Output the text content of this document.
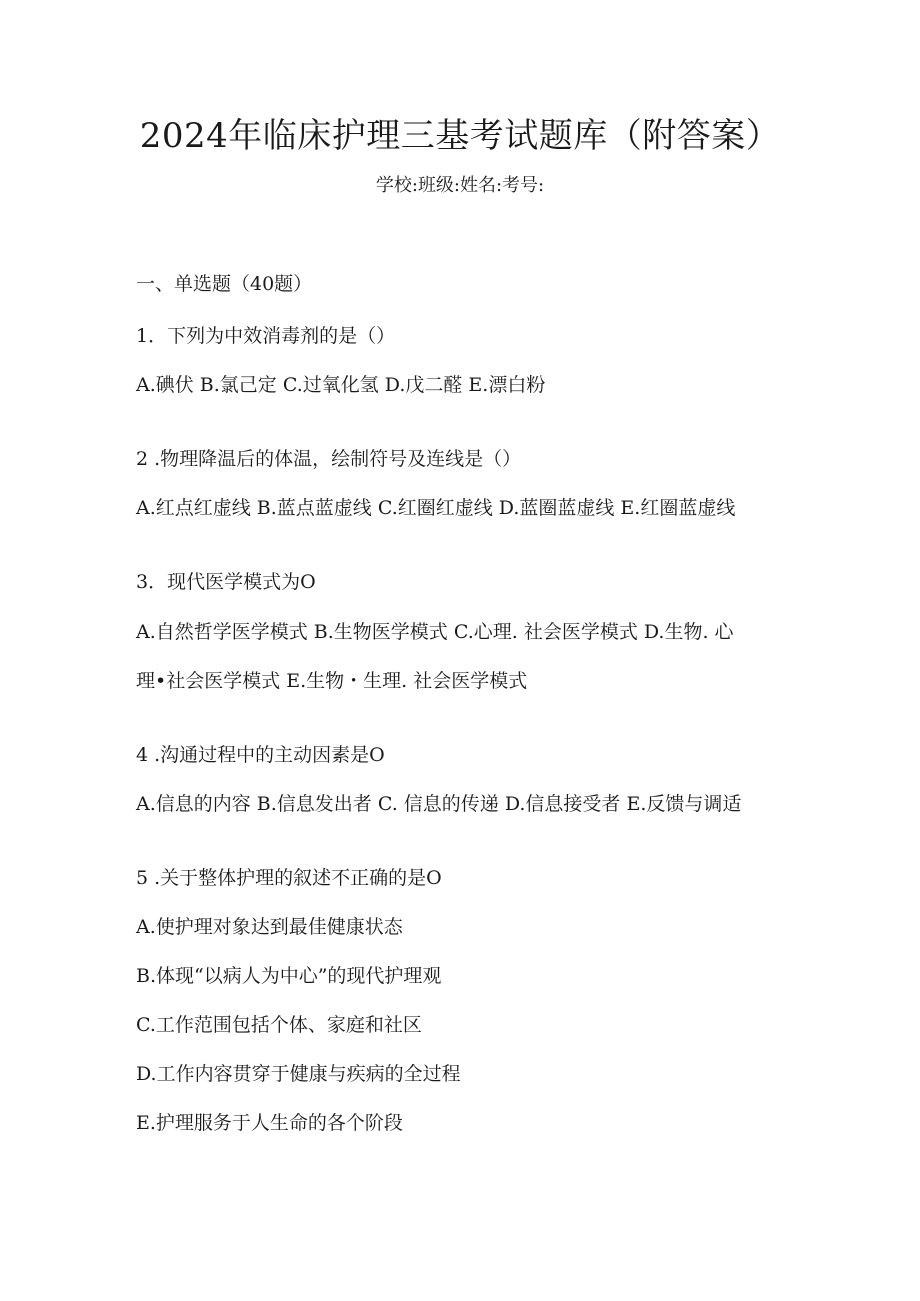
2024年临床护理三基考试题库（附答案）
学校:班级:姓名:考号:
一、单选题（40题）
1．下列为中效消毒剂的是（）
A.碘伏 B.氯己定 C.过氧化氢 D.戊二醛 E.漂白粉
2 .物理降温后的体温，绘制符号及连线是（）
A.红点红虚线 B.蓝点蓝虚线 C.红圈红虚线 D.蓝圈蓝虚线 E.红圈蓝虚线
3．现代医学模式为O
A.自然哲学医学模式 B.生物医学模式 C.心理. 社会医学模式 D.生物. 心
理•社会医学模式 E.生物・生理. 社会医学模式
4 .沟通过程中的主动因素是O
A.信息的内容 B.信息发出者 C. 信息的传递 D.信息接受者 E.反馈与调适
5 .关于整体护理的叙述不正确的是O
A.使护理对象达到最佳健康状态
B.体现“以病人为中心”的现代护理观
C.工作范围包括个体、家庭和社区
D.工作内容贯穿于健康与疾病的全过程
E.护理服务于人生命的各个阶段
